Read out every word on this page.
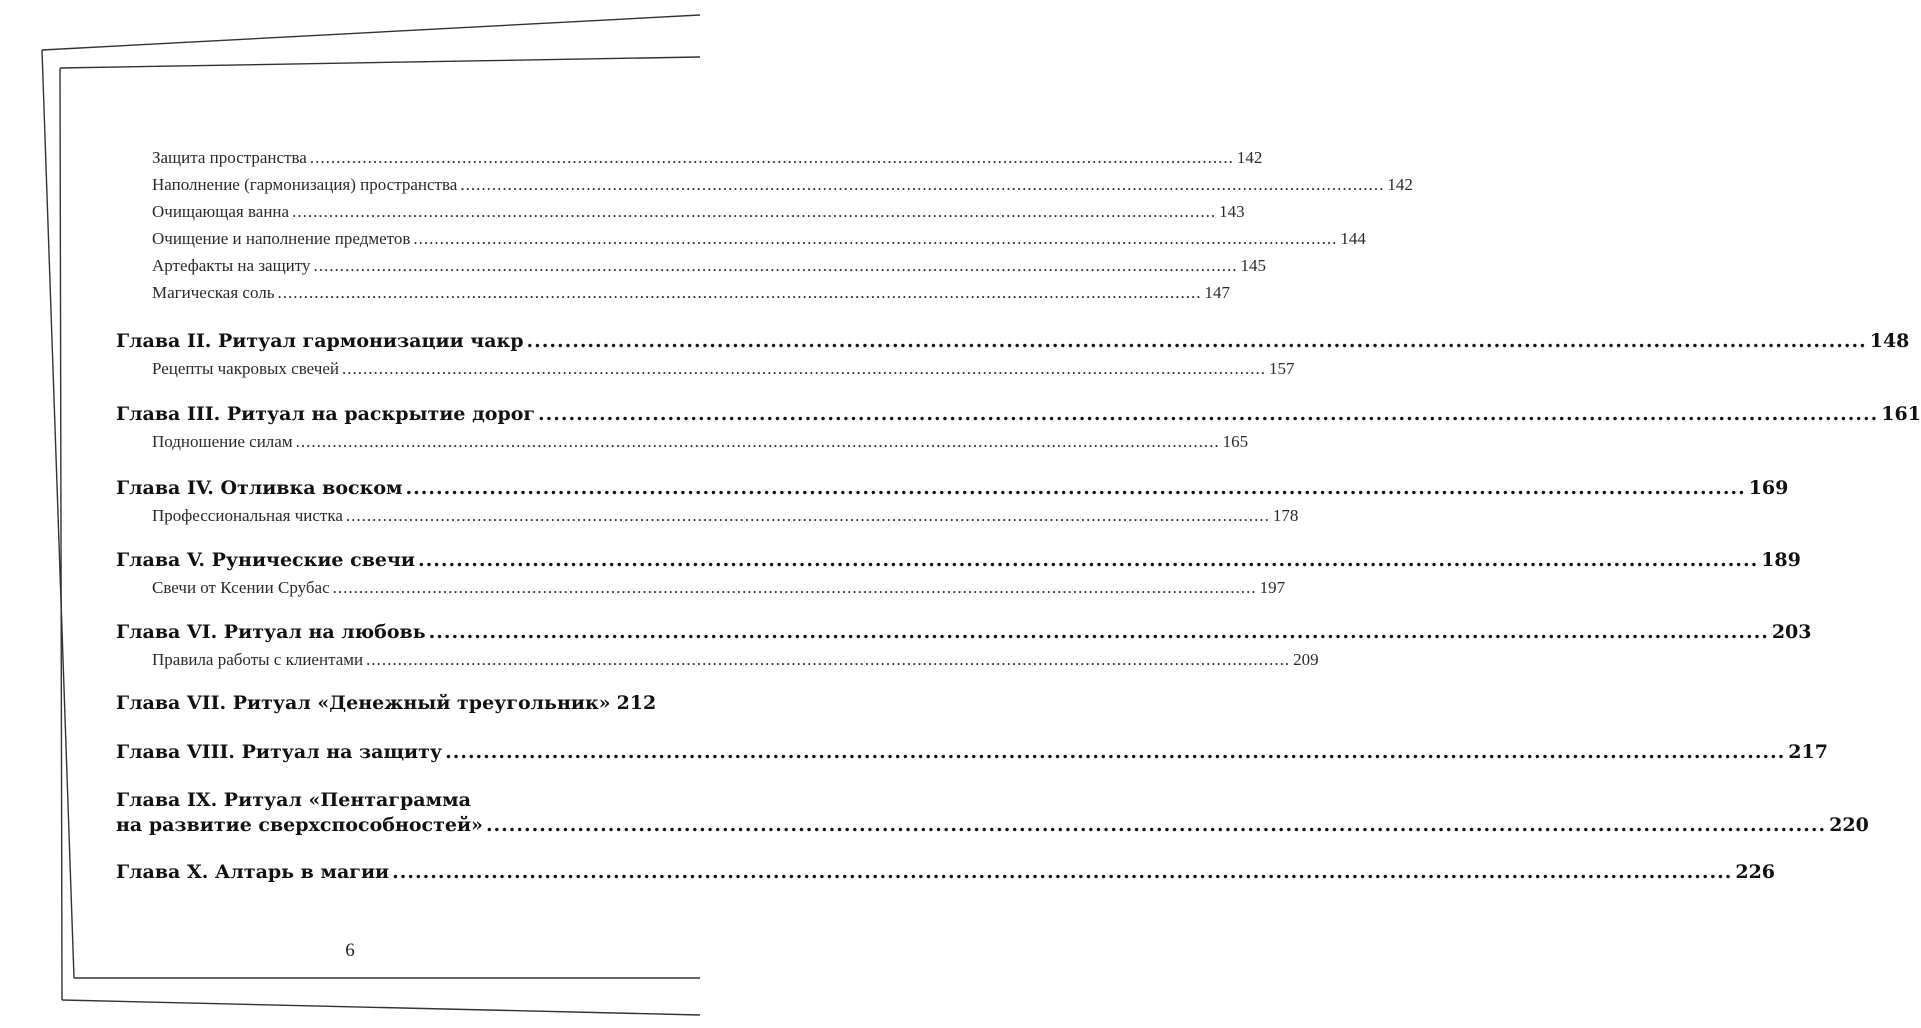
Защита пространства .....	142
Наполнение (гармонизация) пространства .....	142
Очищающая ванна .....	143
Очищение и наполнение предметов .....	144
Артефакты на защиту .....	145
Магическая соль .....	147
Глава II. Ритуал гармонизации чакр .....	148
Рецепты чакровых свечей .....	157
Глава III. Ритуал на раскрытие дорог .....	161
Подношение силам .....	165
Глава IV. Отливка воском .....	169
Профессиональная чистка .....	178
Глава V. Рунические свечи .....	189
Свечи от Ксении Срубас .....	197
Глава VI. Ритуал на любовь .....	203
Правила работы с клиентами .....	209
Глава VII. Ритуал «Денежный треугольник» 212
Глава VIII. Ритуал на защиту .....	217
Глава IX. Ритуал «Пентаграмма
на развитие сверхспособностей» .....	220
Глава X. Алтарь в магии .....	226
6
